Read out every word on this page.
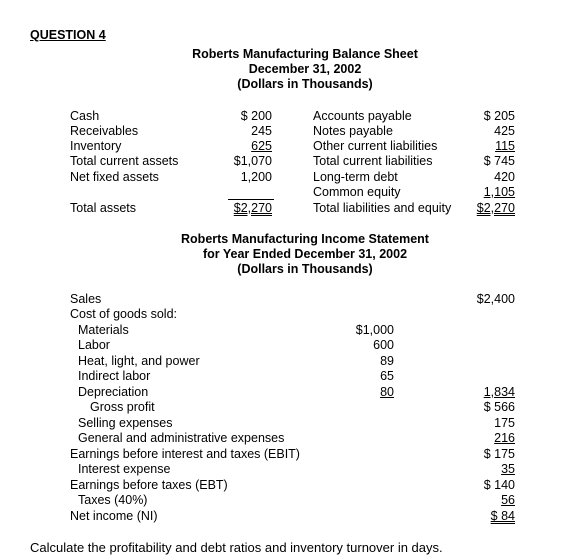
QUESTION 4
Roberts Manufacturing Balance Sheet
December 31, 2002
(Dollars in Thousands)
Cash	$ 200
Receivables	245
Inventory	625
Total current assets	$1,070
Net fixed assets	1,200
Total assets	$2,270
Accounts payable	$ 205
Notes payable	425
Other current liabilities	115
Total current liabilities	$ 745
Long-term debt	420
Common equity	1,105
Total liabilities and equity	$2,270
Roberts Manufacturing Income Statement
for Year Ended December 31, 2002
(Dollars in Thousands)
Sales	$2,400
Cost of goods sold:
Materials	$1,000
Labor	600
Heat, light, and power	89
Indirect labor	65
Depreciation	80	1,834
Gross profit	$ 566
Selling expenses	175
General and administrative expenses	216
Earnings before interest and taxes (EBIT)	$ 175
Interest expense	35
Earnings before taxes (EBT)	$ 140
Taxes (40%)	56
Net income (NI)	$ 84
Calculate the profitability and debt ratios and inventory turnover in days.
